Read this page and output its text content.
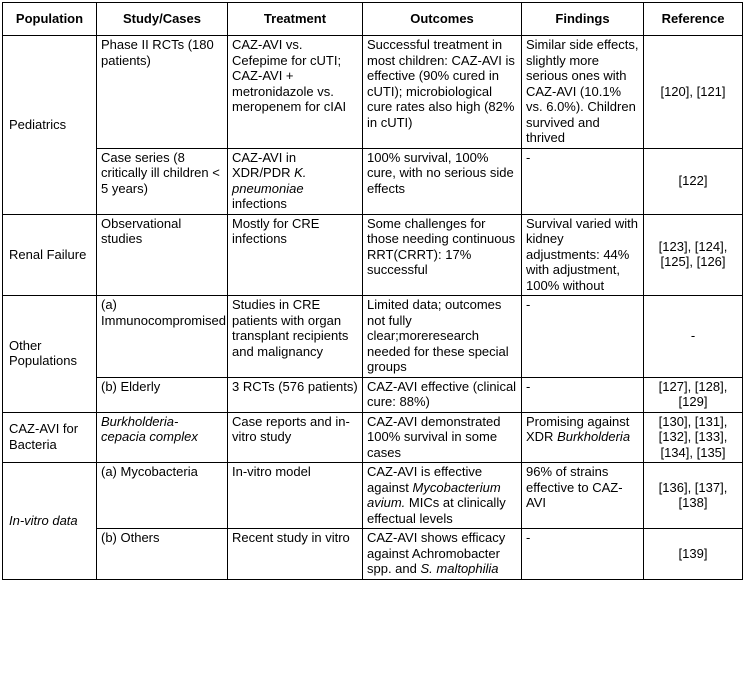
Population	Study/Cases	Treatment	Outcomes	Findings	Reference
Pediatrics	Phase II RCTs (180 patients)	CAZ-AVI vs. Cefepime for cUTI; CAZ-AVI + metronidazole vs. meropenem for cIAI	Successful treatment in most children: CAZ-AVI is effective (90% cured in cUTI); microbiological cure rates also high (82% in cUTI)	Similar side effects, slightly more serious ones with CAZ-AVI (10.1% vs. 6.0%). Children survived and thrived	[120], [121]
	Case series (8 critically ill children < 5 years)	CAZ-AVI in XDR/PDR K. pneumoniae infections	100% survival, 100% cure, with no serious side effects	-	[122]
Renal Failure	Observational studies	Mostly for CRE infections	Some challenges for those needing continuous RRT(CRRT): 17% successful	Survival varied with kidney adjustments: 44% with adjustment, 100% without	[123], [124], [125], [126]
Other Populations	(a) Immunocompromised	Studies in CRE patients with organ transplant recipients and malignancy	Limited data; outcomes not fully clear;moreresearch needed for these special groups	-	-
	(b) Elderly	3 RCTs (576 patients)	CAZ-AVI effective (clinical cure: 88%)	-	[127], [128], [129]
CAZ-AVI for Bacteria	Burkholderia-cepacia complex	Case reports and in-vitro study	CAZ-AVI demonstrated 100% survival in some cases	Promising against XDR Burkholderia	[130], [131], [132], [133], [134], [135]
In-vitro data	(a) Mycobacteria	In-vitro model	CAZ-AVI is effective against Mycobacterium avium. MICs at clinically effectual levels	96% of strains effective to CAZ-AVI	[136], [137], [138]
	(b) Others	Recent study in vitro	CAZ-AVI shows efficacy against Achromobacter spp. and S. maltophilia	-	[139]
